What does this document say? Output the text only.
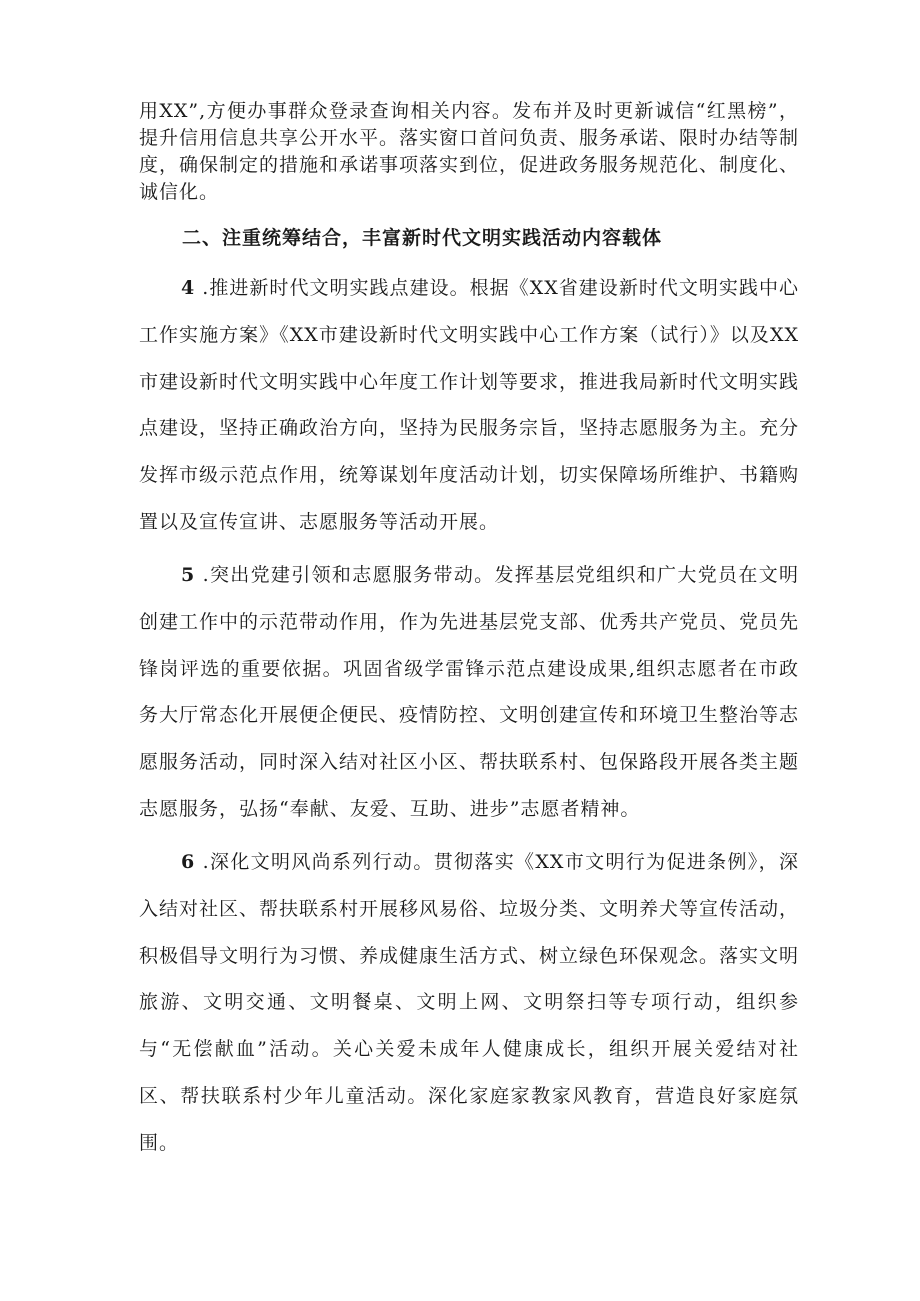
用XX”,方便办事群众登录查询相关内容。发布并及时更新诚信“红黑榜”，提升信用信息共享公开水平。落实窗口首问负责、服务承诺、限时办结等制度，确保制定的措施和承诺事项落实到位，促进政务服务规范化、制度化、诚信化。

二、注重统筹结合，丰富新时代文明实践活动内容载体

4 .推进新时代文明实践点建设。根据《XX省建设新时代文明实践中心工作实施方案》《XX市建设新时代文明实践中心工作方案（试行）》以及XX市建设新时代文明实践中心年度工作计划等要求，推进我局新时代文明实践点建设，坚持正确政治方向，坚持为民服务宗旨，坚持志愿服务为主。充分发挥市级示范点作用，统筹谋划年度活动计划，切实保障场所维护、书籍购置以及宣传宣讲、志愿服务等活动开展。

5 .突出党建引领和志愿服务带动。发挥基层党组织和广大党员在文明创建工作中的示范带动作用，作为先进基层党支部、优秀共产党员、党员先锋岗评选的重要依据。巩固省级学雷锋示范点建设成果,组织志愿者在市政务大厅常态化开展便企便民、疫情防控、文明创建宣传和环境卫生整治等志愿服务活动，同时深入结对社区小区、帮扶联系村、包保路段开展各类主题志愿服务，弘扬“奉献、友爱、互助、进步”志愿者精神。

6 .深化文明风尚系列行动。贯彻落实《XX市文明行为促进条例》，深入结对社区、帮扶联系村开展移风易俗、垃圾分类、文明养犬等宣传活动，积极倡导文明行为习惯、养成健康生活方式、树立绿色环保观念。落实文明旅游、文明交通、文明餐桌、文明上网、文明祭扫等专项行动，组织参与“无偿献血”活动。关心关爱未成年人健康成长，组织开展关爱结对社区、帮扶联系村少年儿童活动。深化家庭家教家风教育，营造良好家庭氛围。
